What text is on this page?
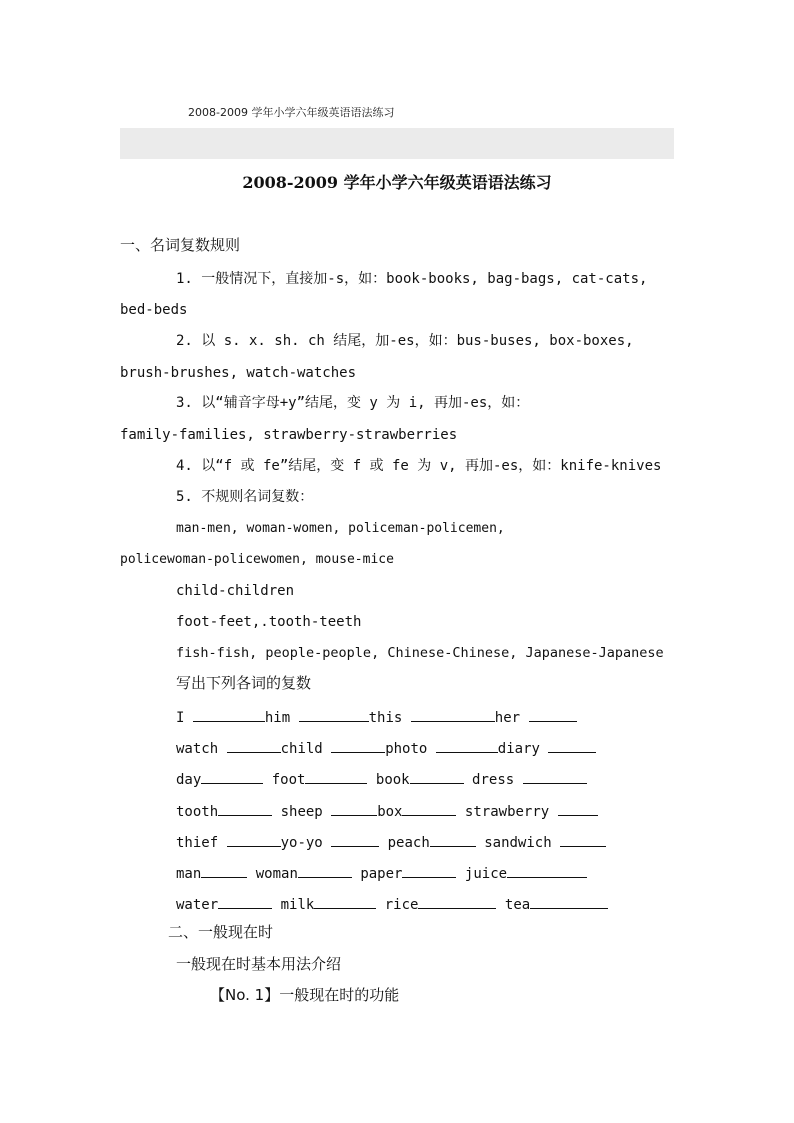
2008-2009 学年小学六年级英语语法练习
2008-2009 学年小学六年级英语语法练习
一、名词复数规则
1. 一般情况下，直接加-s，如：book-books, bag-bags, cat-cats,
bed-beds
2. 以 s. x. sh. ch 结尾，加-es，如：bus-buses, box-boxes,
brush-brushes, watch-watches
3. 以“辅音字母+y”结尾，变 y 为 i, 再加-es，如：
family-families, strawberry-strawberries
4. 以“f 或 fe”结尾，变 f 或 fe 为 v, 再加-es，如：knife-knives
5. 不规则名词复数：
man-men, woman-women, policeman-policemen,
policewoman-policewomen, mouse-mice
child-children
foot-feet,.tooth-teeth
fish-fish, people-people, Chinese-Chinese, Japanese-Japanese
写出下列各词的复数
I	him	this	her
watch	child	photo	diary
day	foot	book	dress
tooth	sheep	box	strawberry
thief	yo-yo	peach	sandwich
man	woman	paper	juice
water	milk	rice	tea
二、一般现在时
一般现在时基本用法介绍
【No. 1】一般现在时的功能
